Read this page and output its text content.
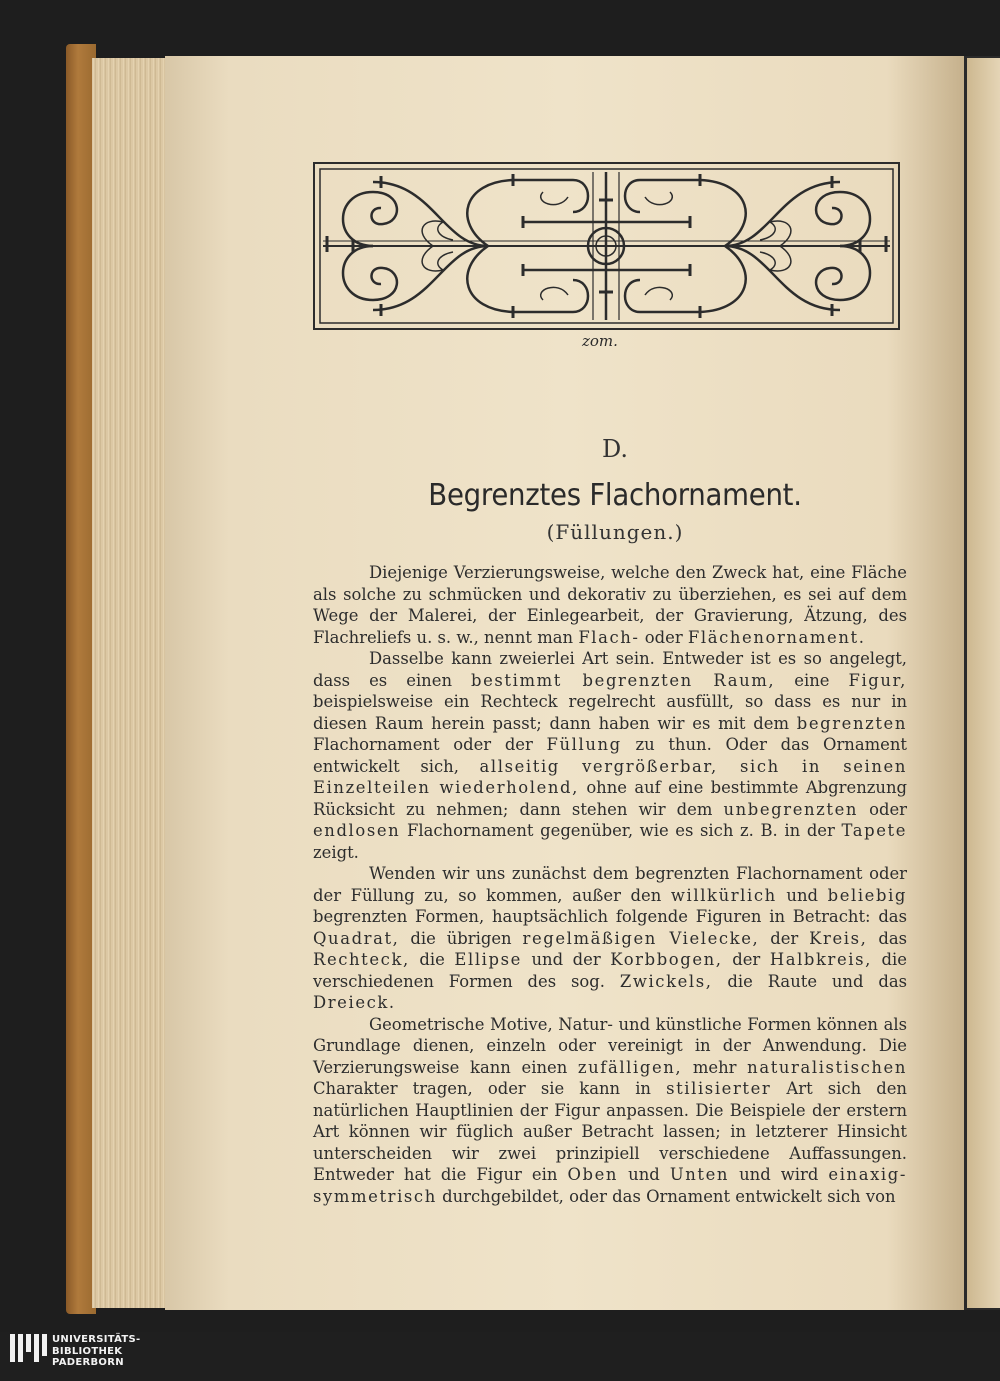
zom.
D.
Begrenztes Flachornament.
(Füllungen.)

Diejenige Verzierungsweise, welche den Zweck hat, eine Fläche als solche zu schmücken und dekorativ zu überziehen, es sei auf dem Wege der Malerei, der Einlegearbeit, der Gravierung, Ätzung, des Flachreliefs u. s. w., nennt man Flach- oder Flächenornament.

Dasselbe kann zweierlei Art sein. Entweder ist es so angelegt, dass es einen bestimmt begrenzten Raum, eine Figur, beispielsweise ein Rechteck regelrecht ausfüllt, so dass es nur in diesen Raum herein passt; dann haben wir es mit dem begrenzten Flachornament oder der Füllung zu thun. Oder das Ornament entwickelt sich, allseitig vergrößerbar, sich in seinen Einzelteilen wiederholend, ohne auf eine bestimmte Abgrenzung Rücksicht zu nehmen; dann stehen wir dem unbegrenzten oder endlosen Flachornament gegenüber, wie es sich z. B. in der Tapete zeigt.

Wenden wir uns zunächst dem begrenzten Flachornament oder der Füllung zu, so kommen, außer den willkürlich und beliebig begrenzten Formen, hauptsächlich folgende Figuren in Betracht: das Quadrat, die übrigen regelmäßigen Vielecke, der Kreis, das Rechteck, die Ellipse und der Korbbogen, der Halbkreis, die verschiedenen Formen des sog. Zwickels, die Raute und das Dreieck.

Geometrische Motive, Natur- und künstliche Formen können als Grundlage dienen, einzeln oder vereinigt in der Anwendung. Die Verzierungsweise kann einen zufälligen, mehr naturalistischen Charakter tragen, oder sie kann in stilisierter Art sich den natürlichen Hauptlinien der Figur anpassen. Die Beispiele der erstern Art können wir füglich außer Betracht lassen; in letzterer Hinsicht unterscheiden wir zwei prinzipiell verschiedene Auffassungen. Entweder hat die Figur ein Oben und Unten und wird einaxig-symmetrisch durchgebildet, oder das Ornament entwickelt sich von

UNIVERSITÄTS-
BIBLIOTHEK
PADERBORN
